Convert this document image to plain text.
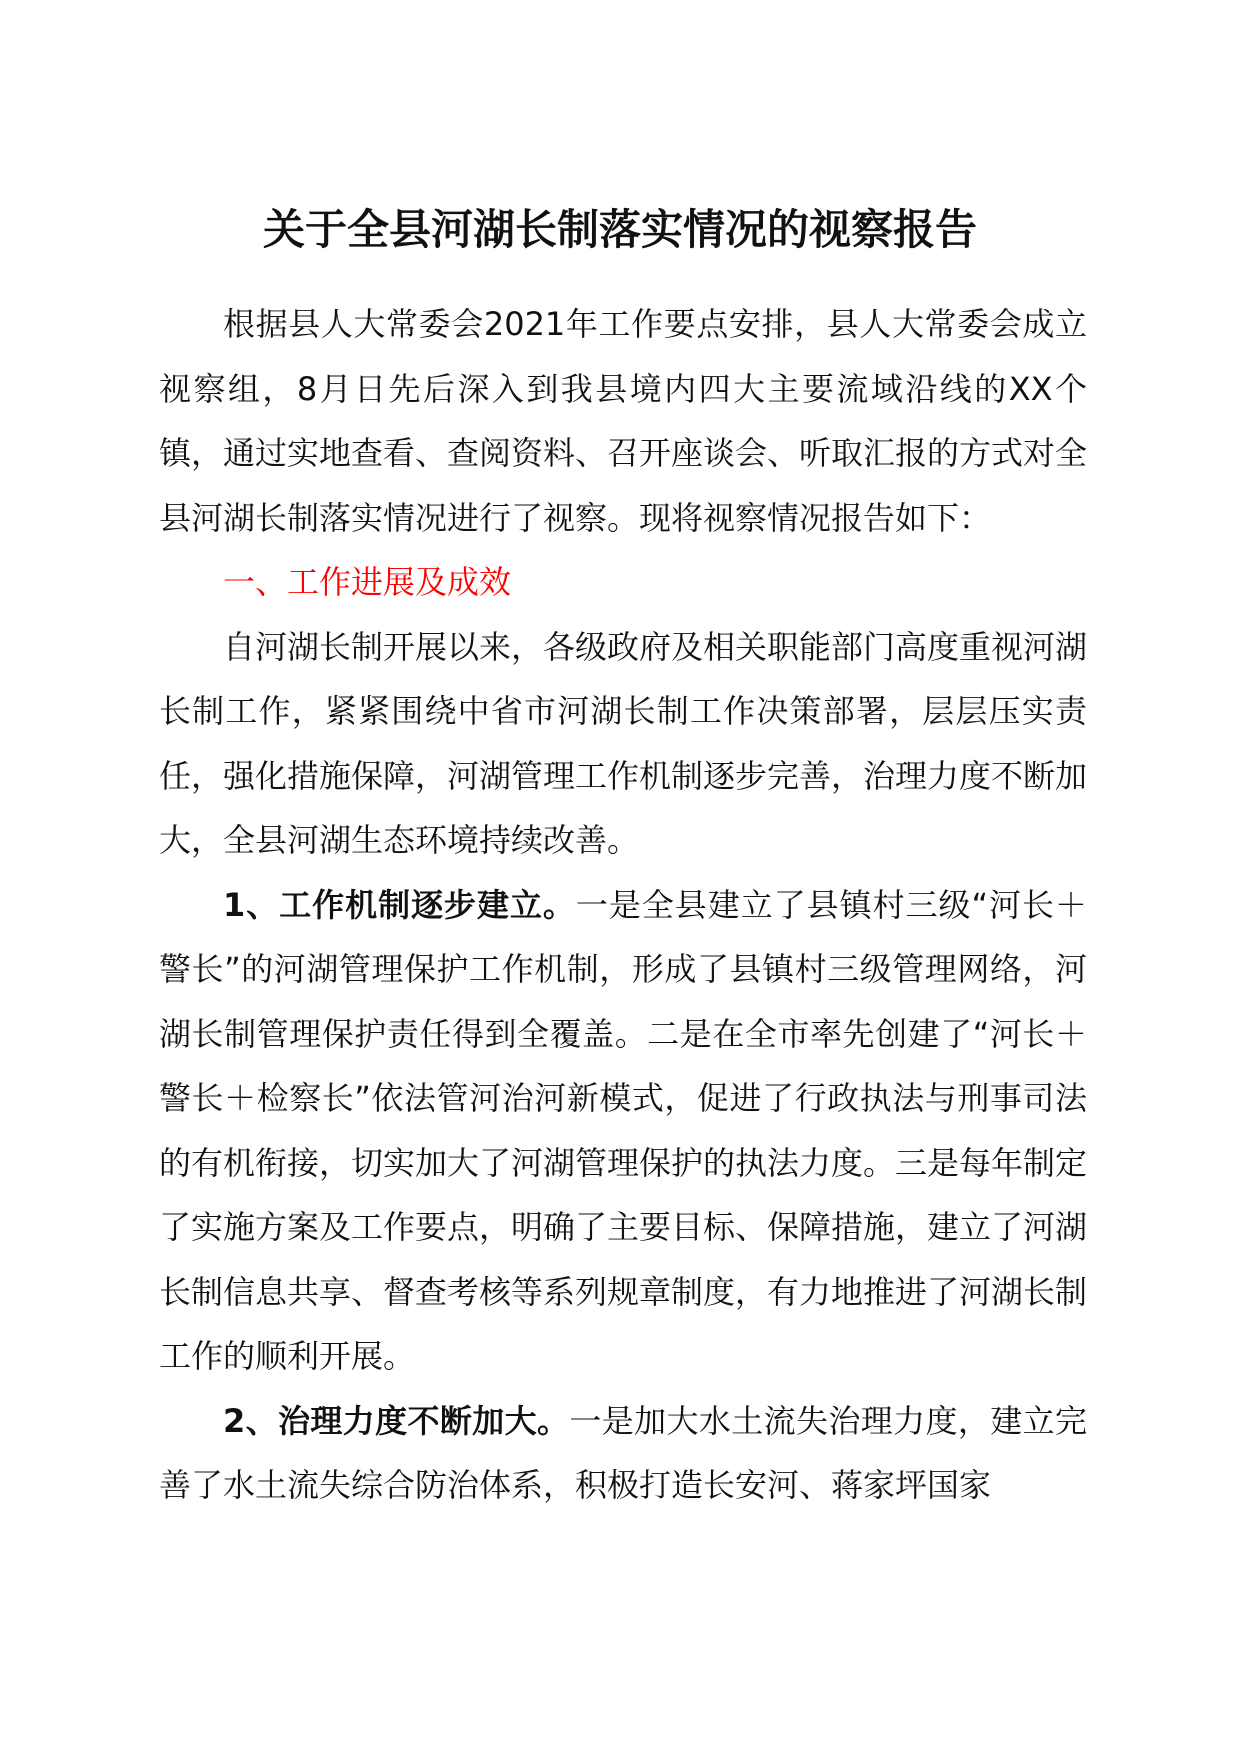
关于全县河湖长制落实情况的视察报告

根据县人大常委会2021年工作要点安排，县人大常委会成立视察组，8月日先后深入到我县境内四大主要流域沿线的XX个镇，通过实地查看、查阅资料、召开座谈会、听取汇报的方式对全县河湖长制落实情况进行了视察。现将视察情况报告如下：

一、工作进展及成效

自河湖长制开展以来，各级政府及相关职能部门高度重视河湖长制工作，紧紧围绕中省市河湖长制工作决策部署，层层压实责任，强化措施保障，河湖管理工作机制逐步完善，治理力度不断加大，全县河湖生态环境持续改善。

1、工作机制逐步建立。一是全县建立了县镇村三级“河长＋警长”的河湖管理保护工作机制，形成了县镇村三级管理网络，河湖长制管理保护责任得到全覆盖。二是在全市率先创建了“河长＋警长＋检察长”依法管河治河新模式，促进了行政执法与刑事司法的有机衔接，切实加大了河湖管理保护的执法力度。三是每年制定了实施方案及工作要点，明确了主要目标、保障措施，建立了河湖长制信息共享、督查考核等系列规章制度，有力地推进了河湖长制工作的顺利开展。

2、治理力度不断加大。一是加大水土流失治理力度，建立完善了水土流失综合防治体系，积极打造长安河、蒋家坪国家
